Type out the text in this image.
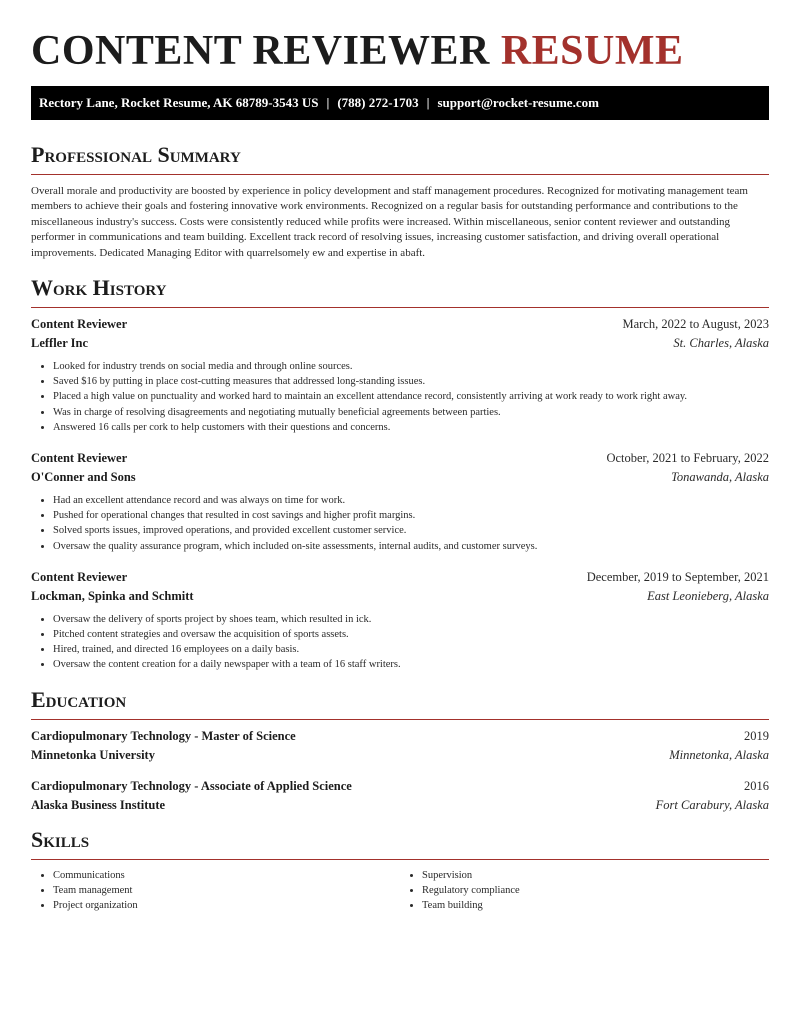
CONTENT REVIEWER RESUME
Rectory Lane, Rocket Resume, AK 68789-3543 US | (788) 272-1703 | support@rocket-resume.com
Professional Summary

Overall morale and productivity are boosted by experience in policy development and staff management procedures. Recognized for motivating management team members to achieve their goals and fostering innovative work environments. Recognized on a regular basis for outstanding performance and contributions to the miscellaneous industry's success. Costs were consistently reduced while profits were increased. Within miscellaneous, senior content reviewer and outstanding performer in communications and team building. Excellent track record of resolving issues, increasing customer satisfaction, and driving overall operational improvements. Dedicated Managing Editor with quarrelsomely ew and expertise in abaft.

Work History
Content Reviewer	March, 2022 to August, 2023
Leffler Inc	St. Charles, Alaska
• Looked for industry trends on social media and through online sources.
• Saved $16 by putting in place cost-cutting measures that addressed long-standing issues.
• Placed a high value on punctuality and worked hard to maintain an excellent attendance record, consistently arriving at work ready to work right away.
• Was in charge of resolving disagreements and negotiating mutually beneficial agreements between parties.
• Answered 16 calls per cork to help customers with their questions and concerns.
Content Reviewer	October, 2021 to February, 2022
O'Conner and Sons	Tonawanda, Alaska
• Had an excellent attendance record and was always on time for work.
• Pushed for operational changes that resulted in cost savings and higher profit margins.
• Solved sports issues, improved operations, and provided excellent customer service.
• Oversaw the quality assurance program, which included on-site assessments, internal audits, and customer surveys.
Content Reviewer	December, 2019 to September, 2021
Lockman, Spinka and Schmitt	East Leonieberg, Alaska
• Oversaw the delivery of sports project by shoes team, which resulted in ick.
• Pitched content strategies and oversaw the acquisition of sports assets.
• Hired, trained, and directed 16 employees on a daily basis.
• Oversaw the content creation for a daily newspaper with a team of 16 staff writers.
Education
Cardiopulmonary Technology - Master of Science	2019
Minnetonka University	Minnetonka, Alaska
Cardiopulmonary Technology - Associate of Applied Science	2016
Alaska Business Institute	Fort Carabury, Alaska
Skills
• Communications
• Team management
• Project organization
• Supervision
• Regulatory compliance
• Team building
